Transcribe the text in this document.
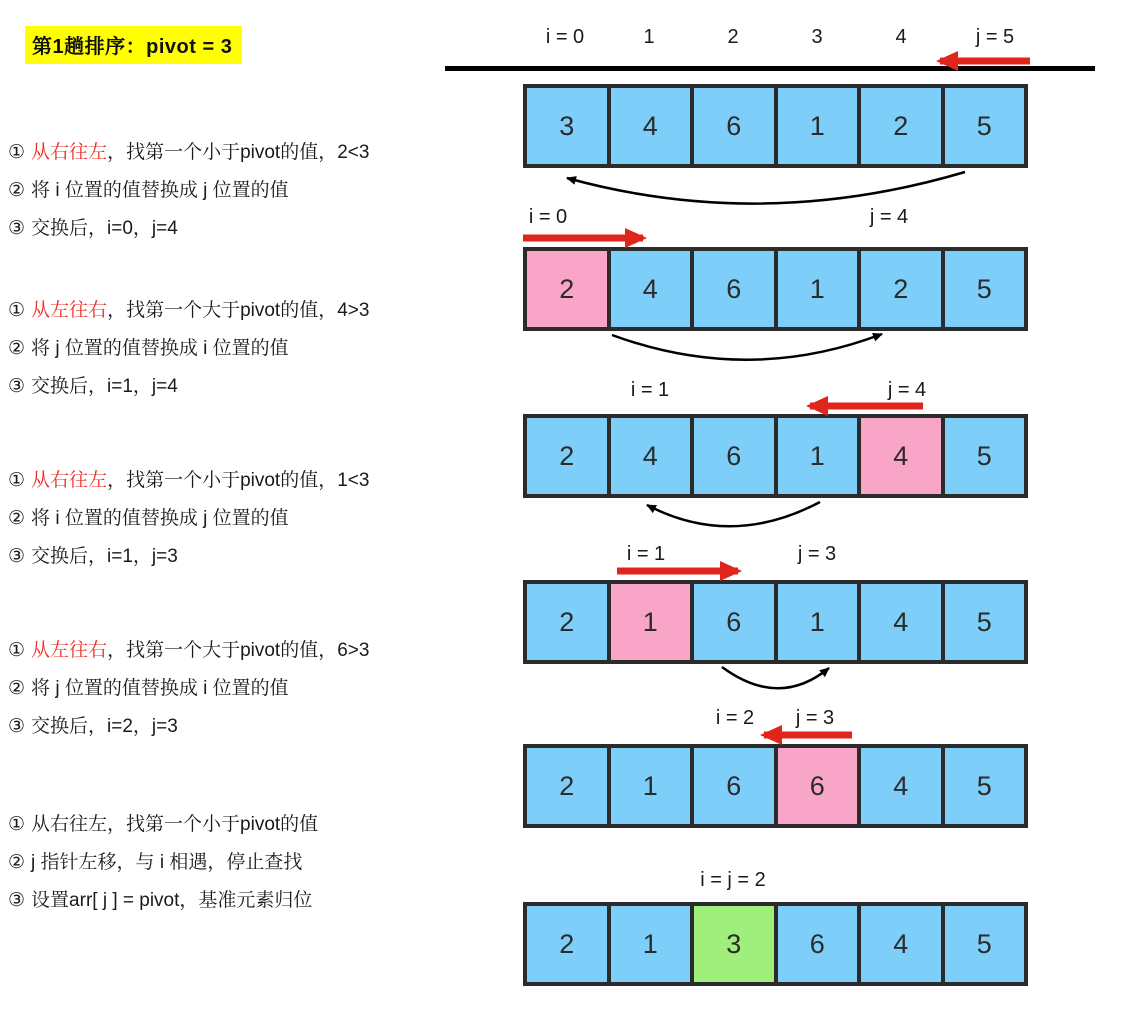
第1趟排序：pivot = 3	i = 0	1	2	3	4	j = 5
3	4	6	1	2	5
i = 0	j = 4
2	4	6	1	2	5
i = 1	j = 4
2	4	6	1	4	5
i = 1	j = 3
2	1	6	1	4	5
i = 2	j = 3
2	1	6	6	4	5
i = j = 2
2	1	3	6	4	5
① 从右往左，找第一个小于pivot的值，2<3
② 将 i 位置的值替换成 j 位置的值
③ 交换后，i=0，j=4
① 从左往右，找第一个大于pivot的值，4>3
② 将 j 位置的值替换成 i 位置的值
③ 交换后，i=1，j=4
① 从右往左，找第一个小于pivot的值，1<3
② 将 i 位置的值替换成 j 位置的值
③ 交换后，i=1，j=3
① 从左往右，找第一个大于pivot的值，6>3
② 将 j 位置的值替换成 i 位置的值
③ 交换后，i=2，j=3
① 从右往左，找第一个小于pivot的值
② j 指针左移，与 i 相遇，停止查找
③ 设置arr[ j ] = pivot，基准元素归位
